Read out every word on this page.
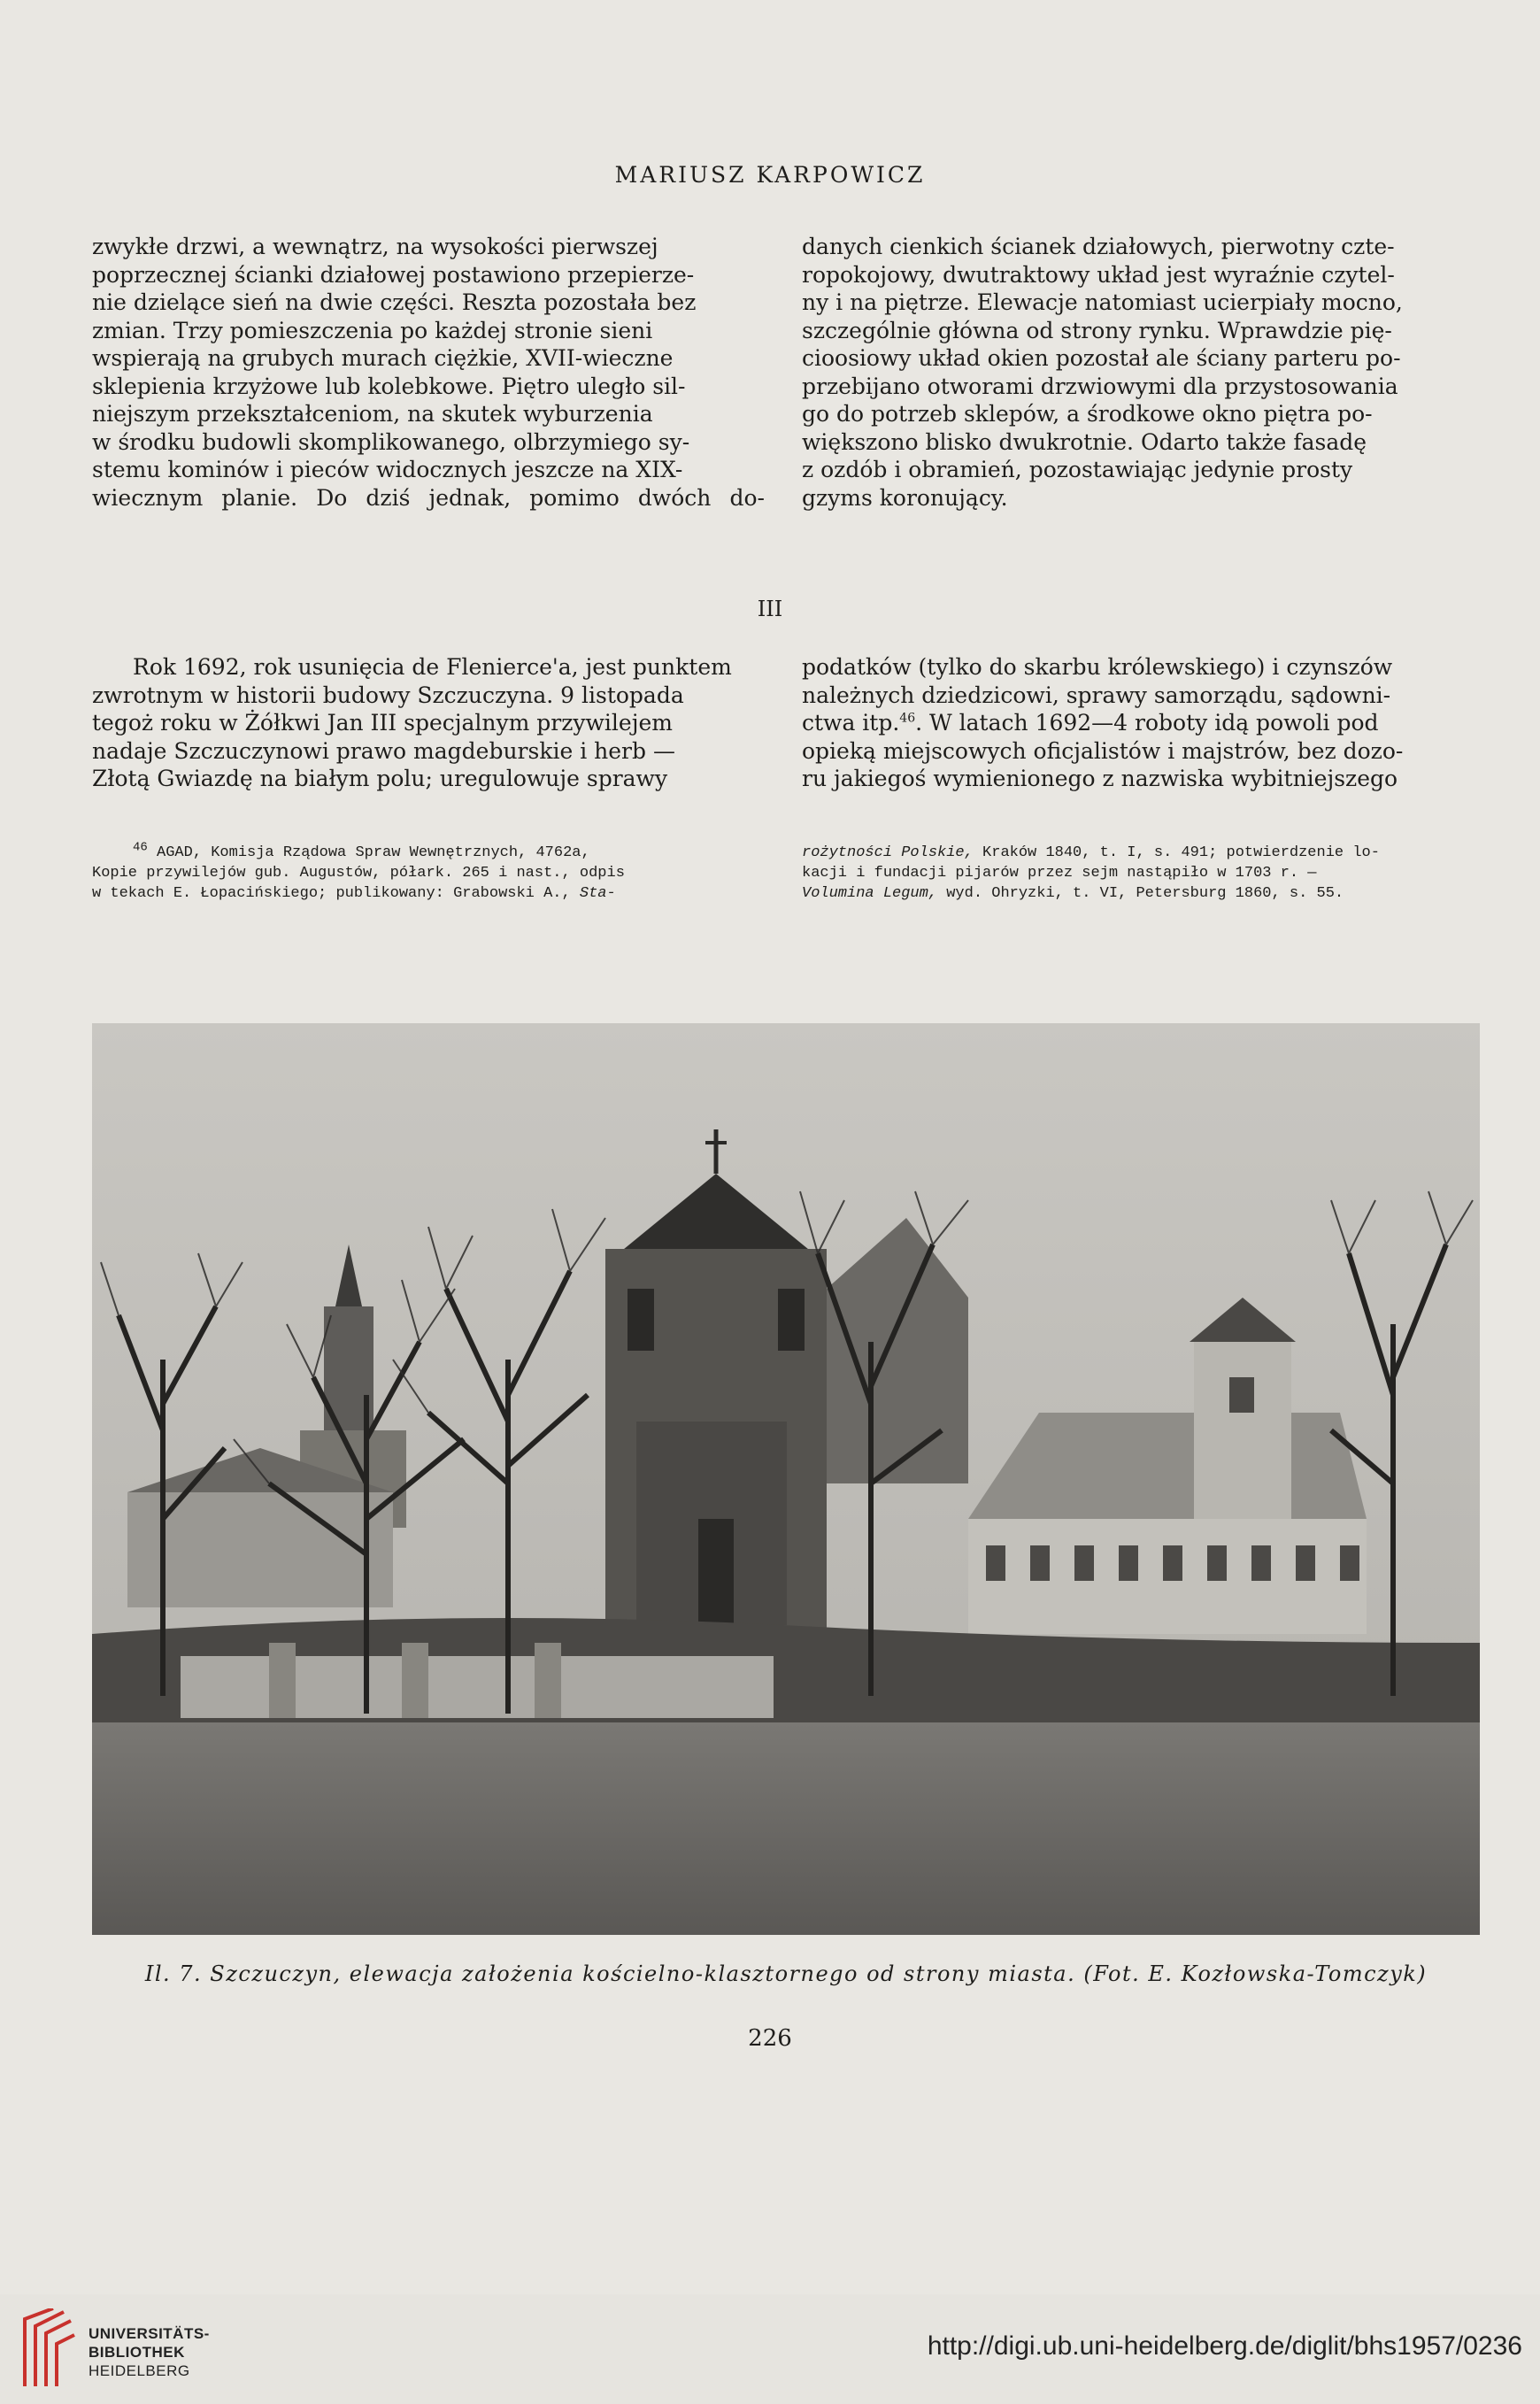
MARIUSZ KARPOWICZ
zwykłe drzwi, a wewnątrz, na wysokości pierwszej
poprzecznej ścianki działowej postawiono przepierze-
nie dzielące sień na dwie części. Reszta pozostała bez
zmian. Trzy pomieszczenia po każdej stronie sieni
wspierają na grubych murach ciężkie, XVII-wieczne
sklepienia krzyżowe lub kolebkowe. Piętro uległo sil-
niejszym przekształceniom, na skutek wyburzenia
w środku budowli skomplikowanego, olbrzymiego sy-
stemu kominów i pieców widocznych jeszcze na XIX-
wiecznym planie. Do dziś jednak, pomimo dwóch do-
danych cienkich ścianek działowych, pierwotny czte-
ropokojowy, dwutraktowy układ jest wyraźnie czytel-
ny i na piętrze. Elewacje natomiast ucierpiały mocno,
szczególnie główna od strony rynku. Wprawdzie pię-
cioosiowy układ okien pozostał ale ściany parteru po-
przebijano otworami drzwiowymi dla przystosowania
go do potrzeb sklepów, a środkowe okno piętra po-
większono blisko dwukrotnie. Odarto także fasadę
z ozdób i obramień, pozostawiając jedynie prosty
gzyms koronujący.
III
Rok 1692, rok usunięcia de Flenierce'a, jest punktem
zwrotnym w historii budowy Szczuczyna. 9 listopada
tegoż roku w Żółkwi Jan III specjalnym przywilejem
nadaje Szczuczynowi prawo magdeburskie i herb —
Złotą Gwiazdę na białym polu; uregulowuje sprawy
podatków (tylko do skarbu królewskiego) i czynszów
należnych dziedzicowi, sprawy samorządu, sądowni-
ctwa itp.$^{46}$. W latach 1692—4 roboty idą powoli pod
opieką miejscowych oficjalistów i majstrów, bez dozo-
ru jakiegoś wymienionego z nazwiska wybitniejszego
$^{46}$ AGAD, Komisja Rządowa Spraw Wewnętrznych, 4762a,
Kopie przywilejów gub. Augustów, półark. 265 i nast., odpis
w tekach E. Łopacińskiego; publikowany: Grabowski A., Sta-
rożytności Polskie, Kraków 1840, t. I, s. 491; potwierdzenie lo-
kacji i fundacji pijarów przez sejm nastąpiło w 1703 r. —
Volumina Legum, wyd. Ohryzki, t. VI, Petersburg 1860, s. 55.
Il. 7. Szczuczyn, elewacja założenia kościelno-klasztornego od strony miasta. (Fot. E. Kozłowska-Tomczyk)
226
UNIVERSITÄTS-
BIBLIOTHEK
HEIDELBERG
http://digi.ub.uni-heidelberg.de/diglit/bhs1957/0236
